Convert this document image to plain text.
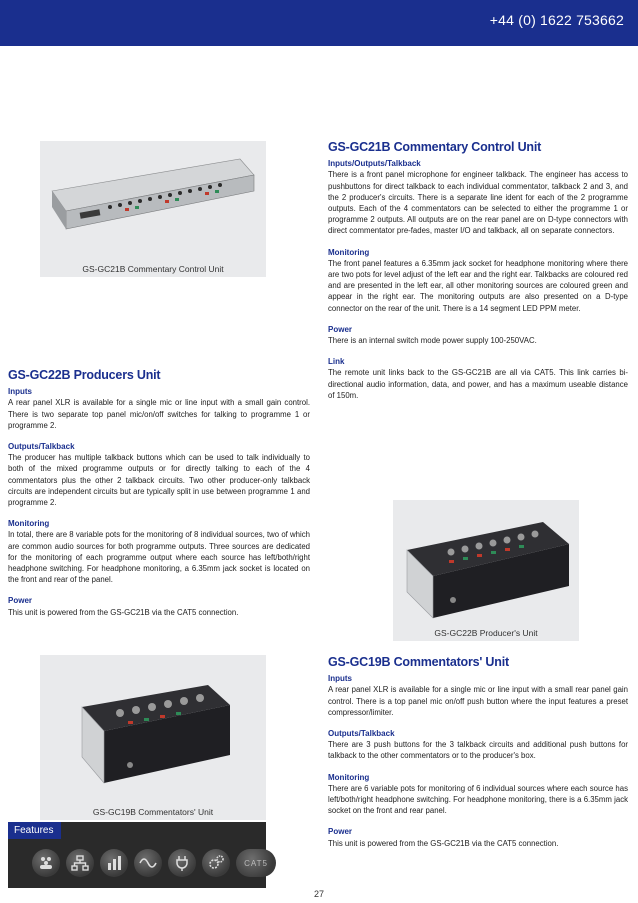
+44 (0) 1622 753662
GS-GC21B Commentary Control Unit
GS-GC21B Commentary Control Unit
Inputs/Outputs/Talkback

There is a front panel microphone for engineer talkback. The engineer has access to pushbuttons for direct talkback to each individual commentator, talkback 2 and 3, and the 2 producer's circuits. There is a separate line ident for each of the 2 programme outputs. Each of the 4 commentators can be selected to either the programme 1 or programme 2 outputs. All outputs are on the rear panel are on D-type connectors with direct commentator pre-fades, master I/O and talkback, all on separate connectors.

Monitoring

The front panel features a 6.35mm jack socket for headphone monitoring where there are two pots for level adjust of the left ear and the right ear. Talkbacks are coloured red and are presented in the left ear, all other monitoring sources are coloured green and appear in the right ear. The monitoring outputs are also presented on a D-type connector on the rear of the unit. There is a 14 segment LED PPM meter.

Power

There is an internal switch mode power supply 100-250VAC.

Link

The remote unit links back to the GS-GC21B are all via CAT5. This link carries bi-directional audio information, data, and power, and has a maximum useable distance of 150m.

GS-GC22B Producers Unit
Inputs

A rear panel XLR is available for a single mic or line input with a small gain control. There is two separate top panel mic/on/off switches for talking to programme 1 or programme 2.

Outputs/Talkback

The producer has multiple talkback buttons which can be used to talk individually to both of the mixed programme outputs or for directly talking to each of the 4 commentators plus the other 2 talkback circuits. Two other producer-only talkback circuits are independent circuits but are typically split in use between programme 1 and programme 2.

Monitoring

In total, there are 8 variable pots for the monitoring of 8 individual sources, two of which are common audio sources for both programme outputs. Three sources are dedicated for the monitoring of each programme output where each source has left/both/right headphone switching. For headphone monitoring, a 6.35mm jack socket is located on the front and rear of the panel.

Power

This unit is powered from the GS-GC21B via the CAT5 connection.

GS-GC22B Producer's Unit
GS-GC19B Commentators' Unit
GS-GC19B Commentators' Unit
Inputs

A rear panel XLR is available for a single mic or line input with a small rear panel gain control. There is a top panel mic on/off push button where the input features a preset compressor/limiter.

Outputs/Talkback

There are 3 push buttons for the 3 talkback circuits and additional push buttons for talkback to the other commentators or to the producer's box.

Monitoring

There are 6 variable pots for monitoring of 6 individual sources where each source has left/both/right headphone switching. For headphone monitoring, there is a 6.35mm jack socket on the front and rear panel.

Power

This unit is powered from the GS-GC21B via the CAT5 connection.

Features
CAT5
27
